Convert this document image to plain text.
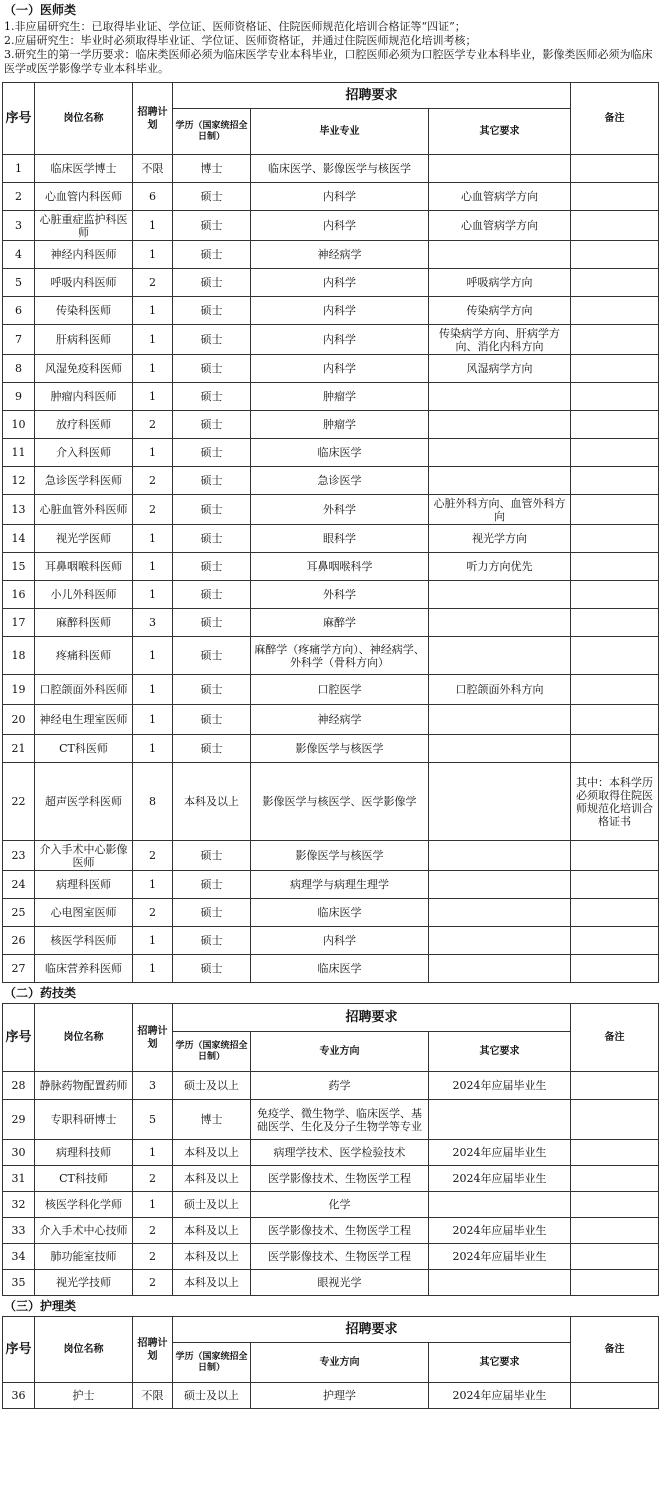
（一）医师类
1.非应届研究生：已取得毕业证、学位证、医师资格证、住院医师规范化培训合格证等“四证”；
2.应届研究生：毕业时必须取得毕业证、学位证、医师资格证，并通过住院医师规范化培训考核；
3.研究生的第一学历要求：临床类医师必须为临床医学专业本科毕业，口腔医师必须为口腔医学专业本科毕业，影像类医师必须为临床医学或医学影像学专业本科毕业。
序号	岗位名称	招聘计划	招聘要求			备注
			学历（国家统招全日制）	毕业专业	其它要求	
1	临床医学博士	不限	博士	临床医学、影像医学与核医学		
2	心血管内科医师	6	硕士	内科学	心血管病学方向	
3	心脏重症监护科医师	1	硕士	内科学	心血管病学方向	
4	神经内科医师	1	硕士	神经病学		
5	呼吸内科医师	2	硕士	内科学	呼吸病学方向	
6	传染科医师	1	硕士	内科学	传染病学方向	
7	肝病科医师	1	硕士	内科学	传染病学方向、肝病学方向、消化内科方向	
8	风湿免疫科医师	1	硕士	内科学	风湿病学方向	
9	肿瘤内科医师	1	硕士	肿瘤学		
10	放疗科医师	2	硕士	肿瘤学		
11	介入科医师	1	硕士	临床医学		
12	急诊医学科医师	2	硕士	急诊医学		
13	心脏血管外科医师	2	硕士	外科学	心脏外科方向、血管外科方向	
14	视光学医师	1	硕士	眼科学	视光学方向	
15	耳鼻咽喉科医师	1	硕士	耳鼻咽喉科学	听力方向优先	
16	小儿外科医师	1	硕士	外科学		
17	麻醉科医师	3	硕士	麻醉学		
18	疼痛科医师	1	硕士	麻醉学（疼痛学方向）、神经病学、外科学（骨科方向）		
19	口腔颌面外科医师	1	硕士	口腔医学	口腔颌面外科方向	
20	神经电生理室医师	1	硕士	神经病学		
21	CT科医师	1	硕士	影像医学与核医学		
22	超声医学科医师	8	本科及以上	影像医学与核医学、医学影像学		其中：本科学历必须取得住院医师规范化培训合格证书
23	介入手术中心影像医师	2	硕士	影像医学与核医学		
24	病理科医师	1	硕士	病理学与病理生理学		
25	心电图室医师	2	硕士	临床医学		
26	核医学科医师	1	硕士	内科学		
27	临床营养科医师	1	硕士	临床医学		
（二）药技类
序号	岗位名称	招聘计划	招聘要求			备注
			学历（国家统招全日制）	专业方向	其它要求	
28	静脉药物配置药师	3	硕士及以上	药学	2024年应届毕业生	
29	专职科研博士	5	博士	免疫学、微生物学、临床医学、基础医学、生化及分子生物学等专业		
30	病理科技师	1	本科及以上	病理学技术、医学检验技术	2024年应届毕业生	
31	CT科技师	2	本科及以上	医学影像技术、生物医学工程	2024年应届毕业生	
32	核医学科化学师	1	硕士及以上	化学		
33	介入手术中心技师	2	本科及以上	医学影像技术、生物医学工程	2024年应届毕业生	
34	肺功能室技师	2	本科及以上	医学影像技术、生物医学工程	2024年应届毕业生	
35	视光学技师	2	本科及以上	眼视光学		
（三）护理类
序号	岗位名称	招聘计划	招聘要求			备注
			学历（国家统招全日制）	专业方向	其它要求	
36	护士	不限	硕士及以上	护理学	2024年应届毕业生	
